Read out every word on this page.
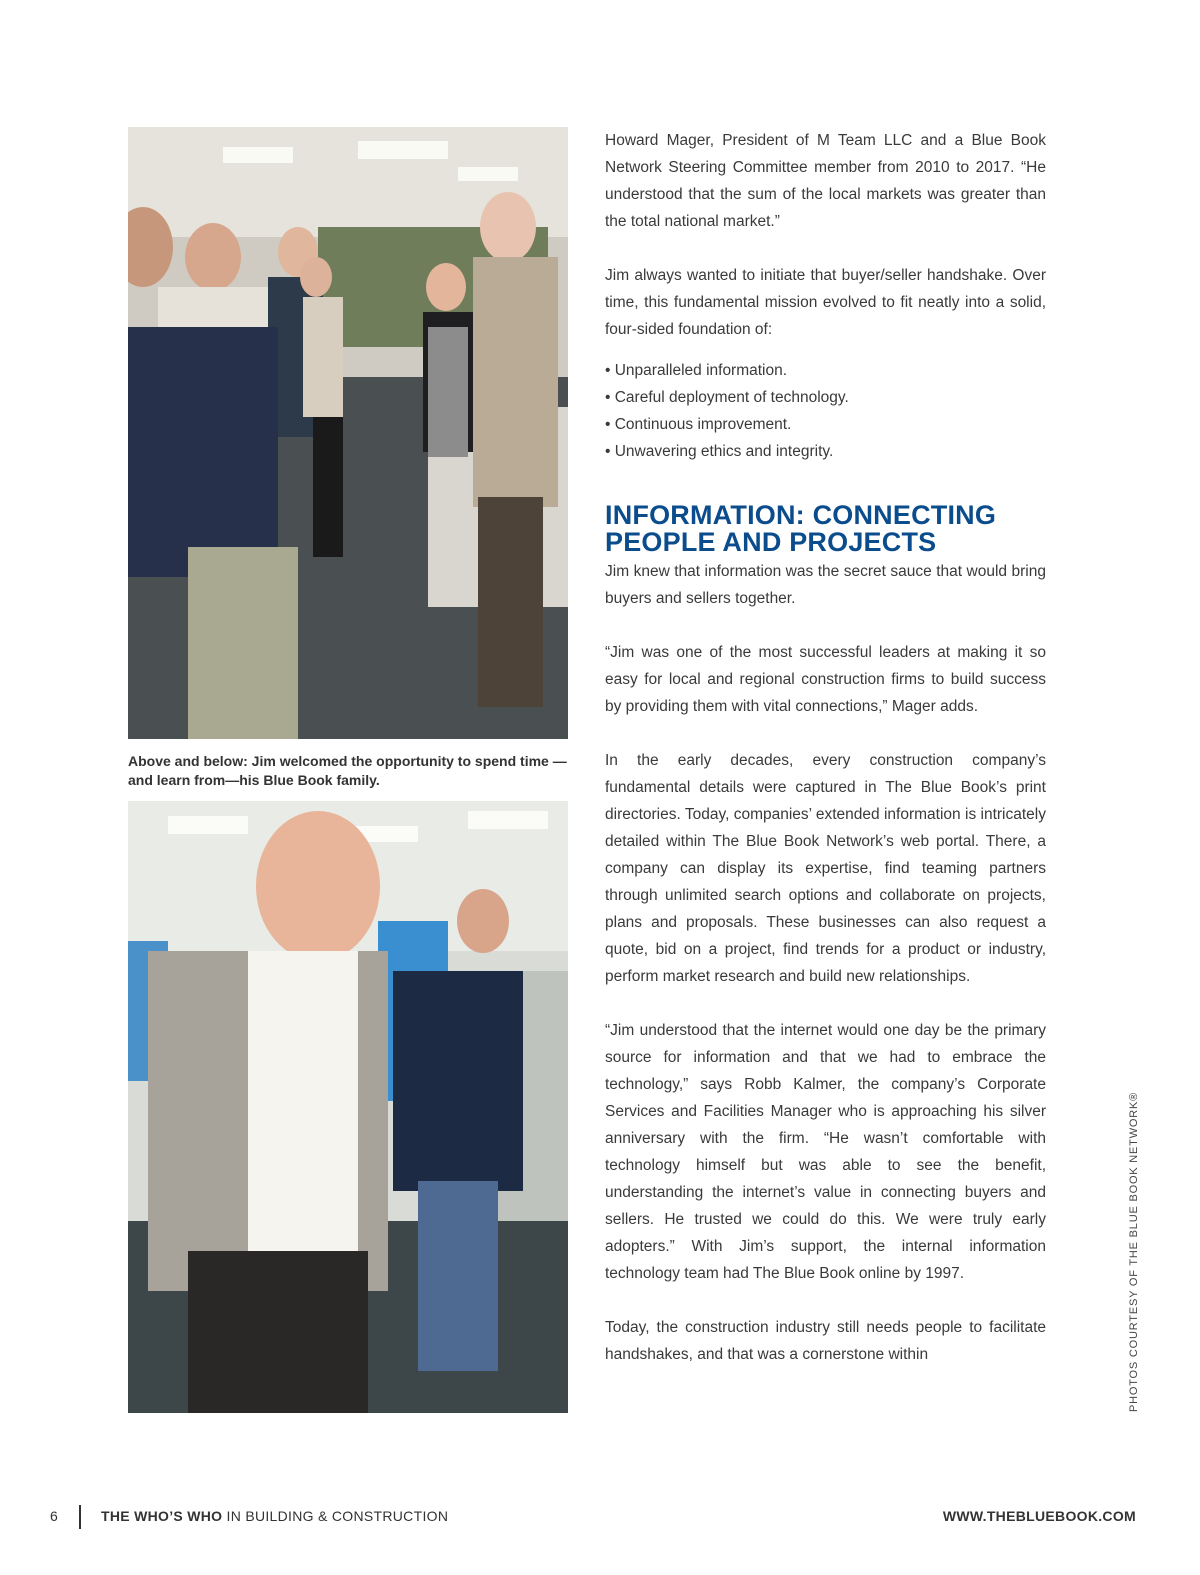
Above and below: Jim welcomed the opportunity to spend time —and learn from—his Blue Book family.

Howard Mager, President of M Team LLC and a Blue Book Network Steering Committee member from 2010 to 2017. “He understood that the sum of the local markets was greater than the total national market.”

Jim always wanted to initiate that buyer/seller handshake. Over time, this fundamental mission evolved to fit neatly into a solid, four-sided foundation of:

• Unparalleled information.
• Careful deployment of technology.
• Continuous improvement.
• Unwavering ethics and integrity.
INFORMATION: CONNECTING PEOPLE AND PROJECTS

Jim knew that information was the secret sauce that would bring buyers and sellers together.

“Jim was one of the most successful leaders at making it so easy for local and regional construction firms to build success by providing them with vital connections,” Mager adds.

In the early decades, every construction company’s fundamental details were captured in The Blue Book’s print directories. Today, companies’ extended information is intricately detailed within The Blue Book Network’s web portal. There, a company can display its expertise, find teaming partners through unlimited search options and collaborate on projects, plans and proposals. These businesses can also request a quote, bid on a project, find trends for a product or industry, perform market research and build new relationships.

“Jim understood that the internet would one day be the primary source for information and that we had to embrace the technology,” says Robb Kalmer, the company’s Corporate Services and Facilities Manager who is approaching his silver anniversary with the firm. “He wasn’t comfortable with technology himself but was able to see the benefit, understanding the internet’s value in connecting buyers and sellers. He trusted we could do this. We were truly early adopters.” With Jim’s support, the internal information technology team had The Blue Book online by 1997.

Today, the construction industry still needs people to facilitate handshakes, and that was a cornerstone within	PHOTOS COURTESY OF THE BLUE BOOK NETWORK®
6	THE WHO’S WHO IN BUILDING & CONSTRUCTION	WWW.THEBLUEBOOK.COM
